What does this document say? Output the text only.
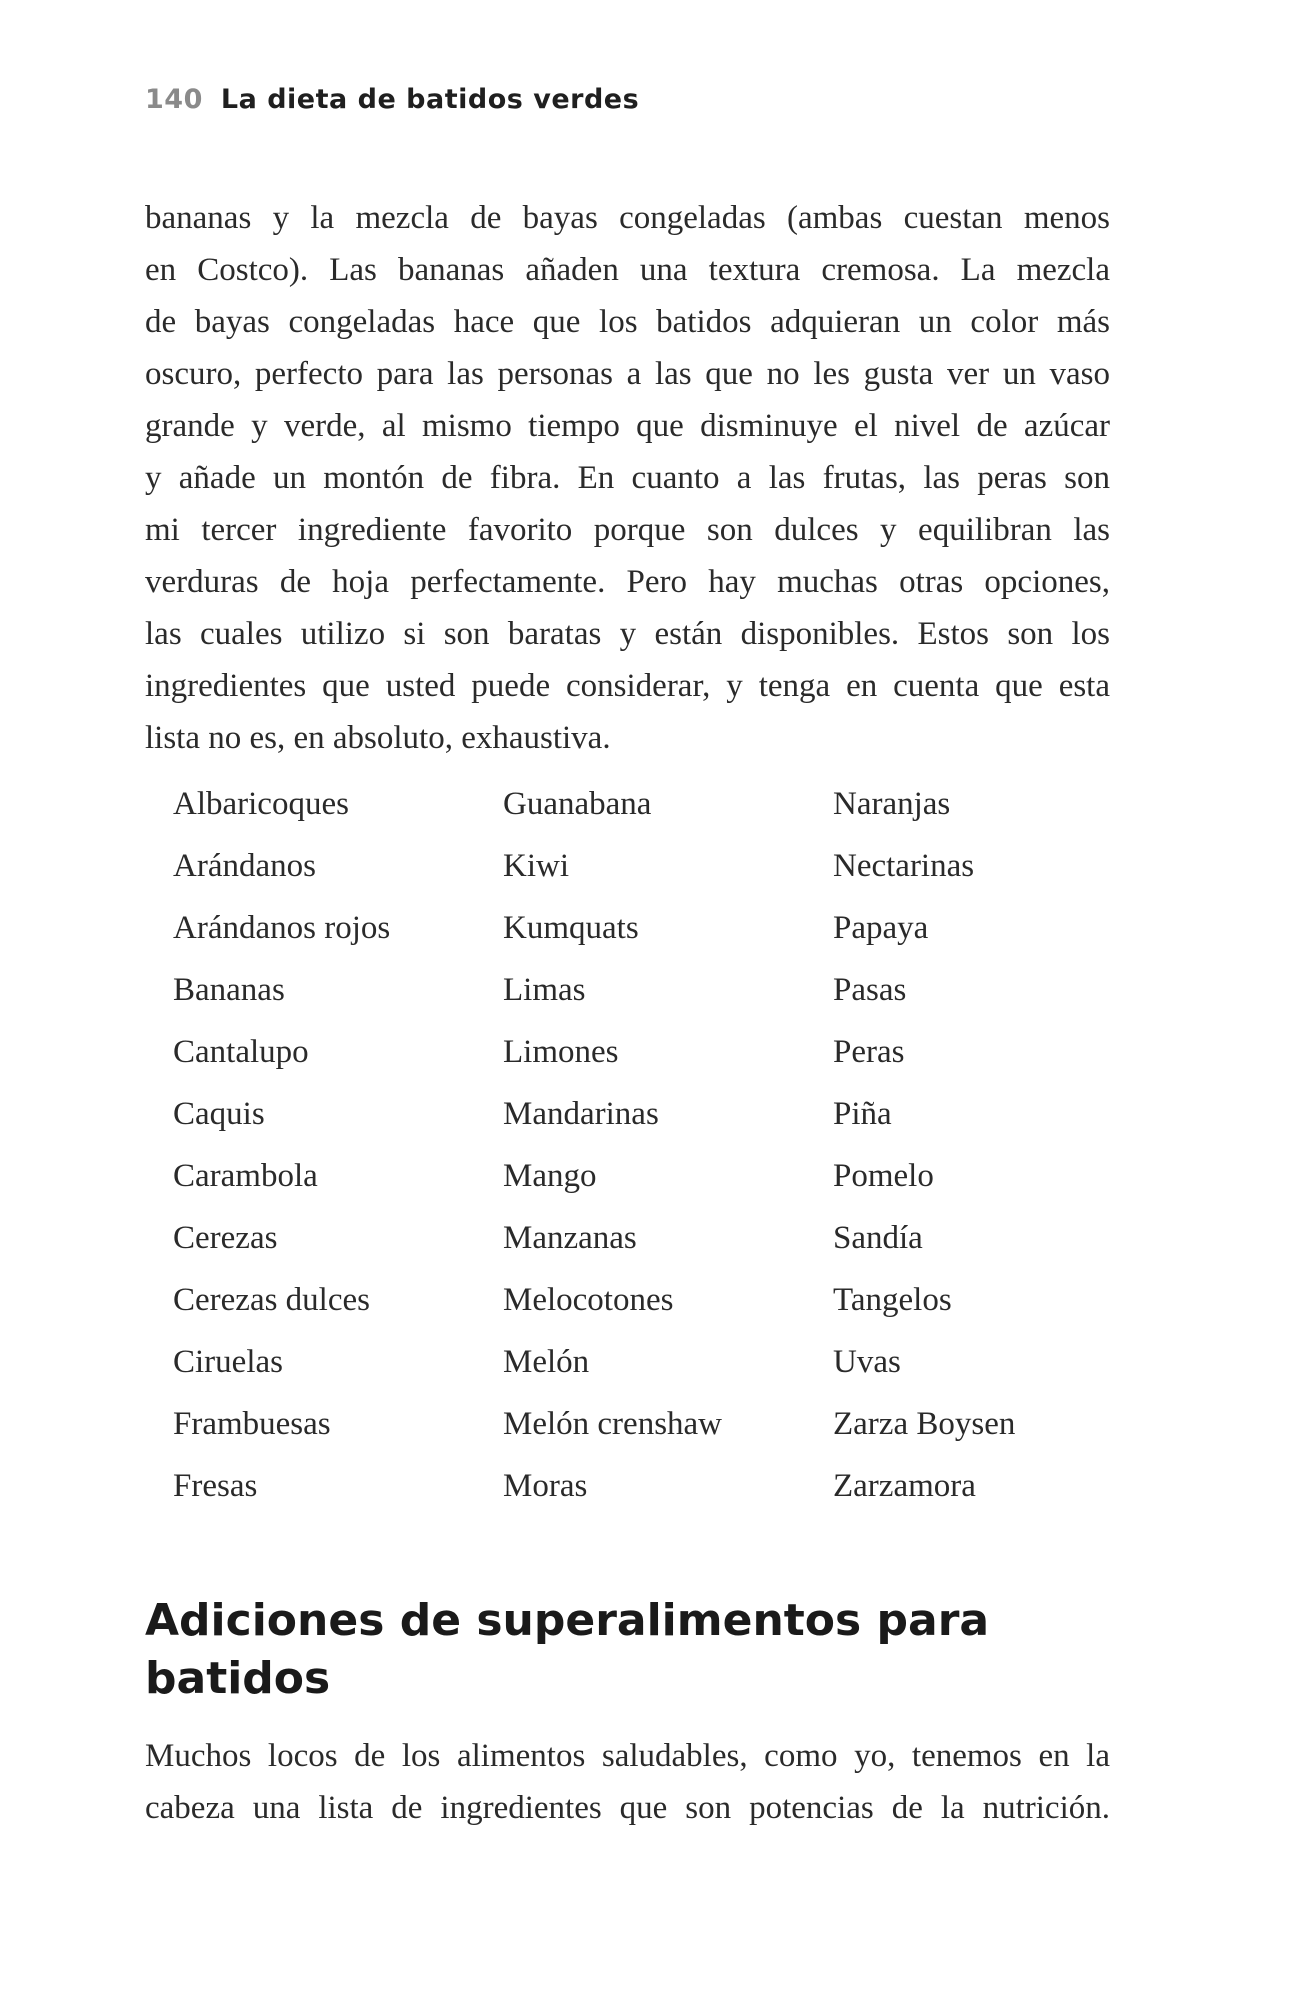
140 La dieta de batidos verdes
bananas y la mezcla de bayas congeladas (ambas cuestan menos
en Costco). Las bananas añaden una textura cremosa. La mezcla
de bayas congeladas hace que los batidos adquieran un color más
oscuro, perfecto para las personas a las que no les gusta ver un vaso
grande y verde, al mismo tiempo que disminuye el nivel de azúcar
y añade un montón de fibra. En cuanto a las frutas, las peras son
mi tercer ingrediente favorito porque son dulces y equilibran las
verduras de hoja perfectamente. Pero hay muchas otras opciones,
las cuales utilizo si son baratas y están disponibles. Estos son los
ingredientes que usted puede considerar, y tenga en cuenta que esta
lista no es, en absoluto, exhaustiva.
Albaricoques
Arándanos
Arándanos rojos
Bananas
Cantalupo
Caquis
Carambola
Cerezas
Cerezas dulces
Ciruelas
Frambuesas
Fresas
Guanabana
Kiwi
Kumquats
Limas
Limones
Mandarinas
Mango
Manzanas
Melocotones
Melón
Melón crenshaw
Moras
Naranjas
Nectarinas
Papaya
Pasas
Peras
Piña
Pomelo
Sandía
Tangelos
Uvas
Zarza Boysen
Zarzamora
Adiciones de superalimentos para
batidos
Muchos locos de los alimentos saludables, como yo, tenemos en la
cabeza una lista de ingredientes que son potencias de la nutrición.
